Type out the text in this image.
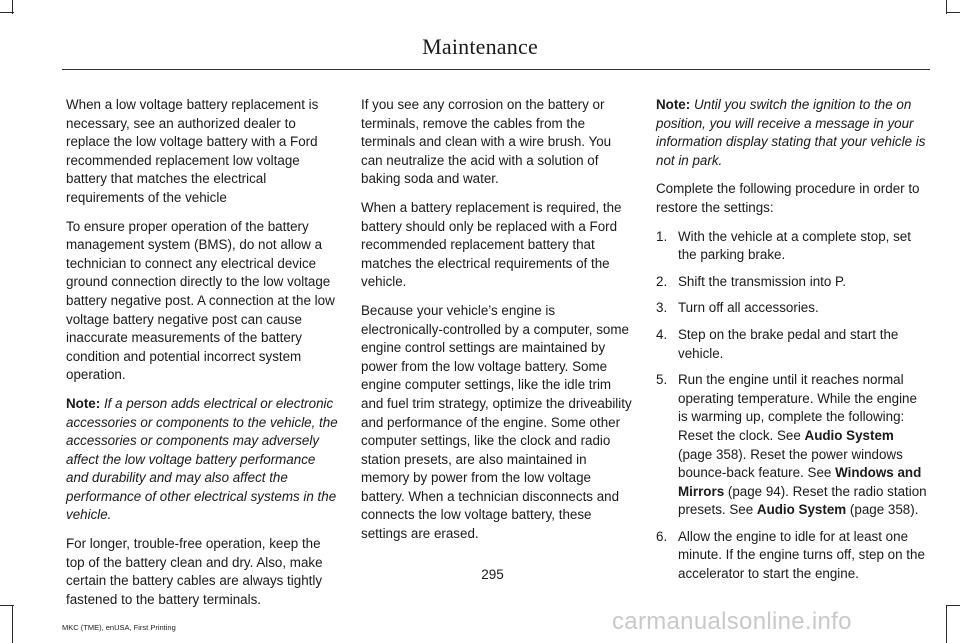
Maintenance

When a low voltage battery replacement is necessary, see an authorized dealer to replace the low voltage battery with a Ford recommended replacement low voltage battery that matches the electrical requirements of the vehicle

To ensure proper operation of the battery management system (BMS), do not allow a technician to connect any electrical device ground connection directly to the low voltage battery negative post. A connection at the low voltage battery negative post can cause inaccurate measurements of the battery condition and potential incorrect system operation.

Note: If a person adds electrical or electronic accessories or components to the vehicle, the accessories or components may adversely affect the low voltage battery performance and durability and may also affect the performance of other electrical systems in the vehicle.

For longer, trouble-free operation, keep the top of the battery clean and dry. Also, make certain the battery cables are always tightly fastened to the battery terminals.

If you see any corrosion on the battery or terminals, remove the cables from the terminals and clean with a wire brush. You can neutralize the acid with a solution of baking soda and water.

When a battery replacement is required, the battery should only be replaced with a Ford recommended replacement battery that matches the electrical requirements of the vehicle.

Because your vehicle’s engine is electronically-controlled by a computer, some engine control settings are maintained by power from the low voltage battery. Some engine computer settings, like the idle trim and fuel trim strategy, optimize the driveability and performance of the engine. Some other computer settings, like the clock and radio station presets, are also maintained in memory by power from the low voltage battery. When a technician disconnects and connects the low voltage battery, these settings are erased.

Note: Until you switch the ignition to the on position, you will receive a message in your information display stating that your vehicle is not in park.

Complete the following procedure in order to restore the settings:

1. With the vehicle at a complete stop, set the parking brake.
2. Shift the transmission into P.
3. Turn off all accessories.
4. Step on the brake pedal and start the vehicle.
5. Run the engine until it reaches normal operating temperature. While the engine is warming up, complete the following: Reset the clock. See Audio System (page 358). Reset the power windows bounce-back feature. See Windows and Mirrors (page 94). Reset the radio station presets. See Audio System (page 358).
6. Allow the engine to idle for at least one minute. If the engine turns off, step on the accelerator to start the engine.
295
MKC (TME), enUSA, First Printing	carmanualsonline.info
